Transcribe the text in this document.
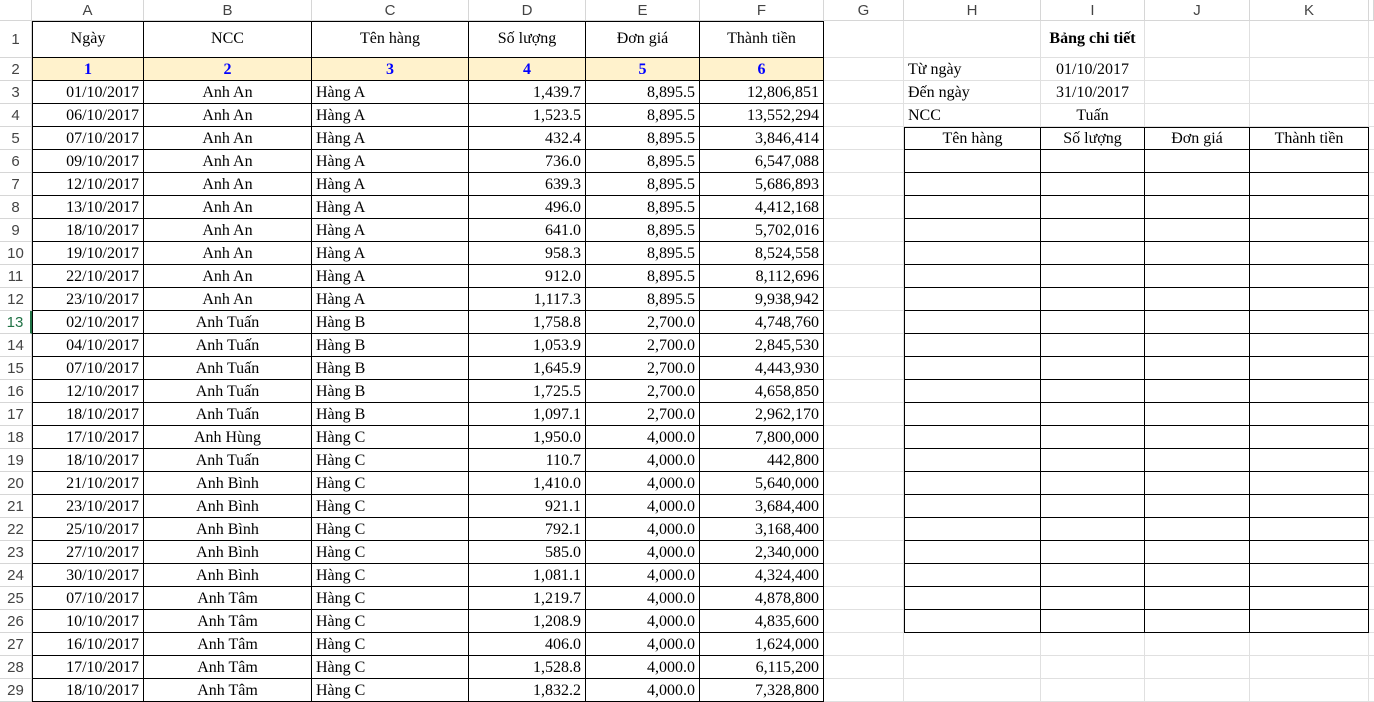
A	B	C	D	E	F	G	H	I	J	K
1	Ngày	NCC	Tên hàng	Số lượng	Đơn giá	Thành tiền	Bảng chi tiết
2	1	2	3	4	5	6	Từ ngày	01/10/2017
3	01/10/2017	Anh An	Hàng A	1,439.7	8,895.5	12,806,851	Đến ngày	31/10/2017
4	06/10/2017	Anh An	Hàng A	1,523.5	8,895.5	13,552,294	NCC	Tuấn
5	07/10/2017	Anh An	Hàng A	432.4	8,895.5	3,846,414	Tên hàng	Số lượng	Đơn giá	Thành tiền
6	09/10/2017	Anh An	Hàng A	736.0	8,895.5	6,547,088
7	12/10/2017	Anh An	Hàng A	639.3	8,895.5	5,686,893
8	13/10/2017	Anh An	Hàng A	496.0	8,895.5	4,412,168
9	18/10/2017	Anh An	Hàng A	641.0	8,895.5	5,702,016
10	19/10/2017	Anh An	Hàng A	958.3	8,895.5	8,524,558
11	22/10/2017	Anh An	Hàng A	912.0	8,895.5	8,112,696
12	23/10/2017	Anh An	Hàng A	1,117.3	8,895.5	9,938,942
13	02/10/2017	Anh Tuấn	Hàng B	1,758.8	2,700.0	4,748,760
14	04/10/2017	Anh Tuấn	Hàng B	1,053.9	2,700.0	2,845,530
15	07/10/2017	Anh Tuấn	Hàng B	1,645.9	2,700.0	4,443,930
16	12/10/2017	Anh Tuấn	Hàng B	1,725.5	2,700.0	4,658,850
17	18/10/2017	Anh Tuấn	Hàng B	1,097.1	2,700.0	2,962,170
18	17/10/2017	Anh Hùng	Hàng C	1,950.0	4,000.0	7,800,000
19	18/10/2017	Anh Tuấn	Hàng C	110.7	4,000.0	442,800
20	21/10/2017	Anh Bình	Hàng C	1,410.0	4,000.0	5,640,000
21	23/10/2017	Anh Bình	Hàng C	921.1	4,000.0	3,684,400
22	25/10/2017	Anh Bình	Hàng C	792.1	4,000.0	3,168,400
23	27/10/2017	Anh Bình	Hàng C	585.0	4,000.0	2,340,000
24	30/10/2017	Anh Bình	Hàng C	1,081.1	4,000.0	4,324,400
25	07/10/2017	Anh Tâm	Hàng C	1,219.7	4,000.0	4,878,800
26	10/10/2017	Anh Tâm	Hàng C	1,208.9	4,000.0	4,835,600
27	16/10/2017	Anh Tâm	Hàng C	406.0	4,000.0	1,624,000
28	17/10/2017	Anh Tâm	Hàng C	1,528.8	4,000.0	6,115,200
29	18/10/2017	Anh Tâm	Hàng C	1,832.2	4,000.0	7,328,800
